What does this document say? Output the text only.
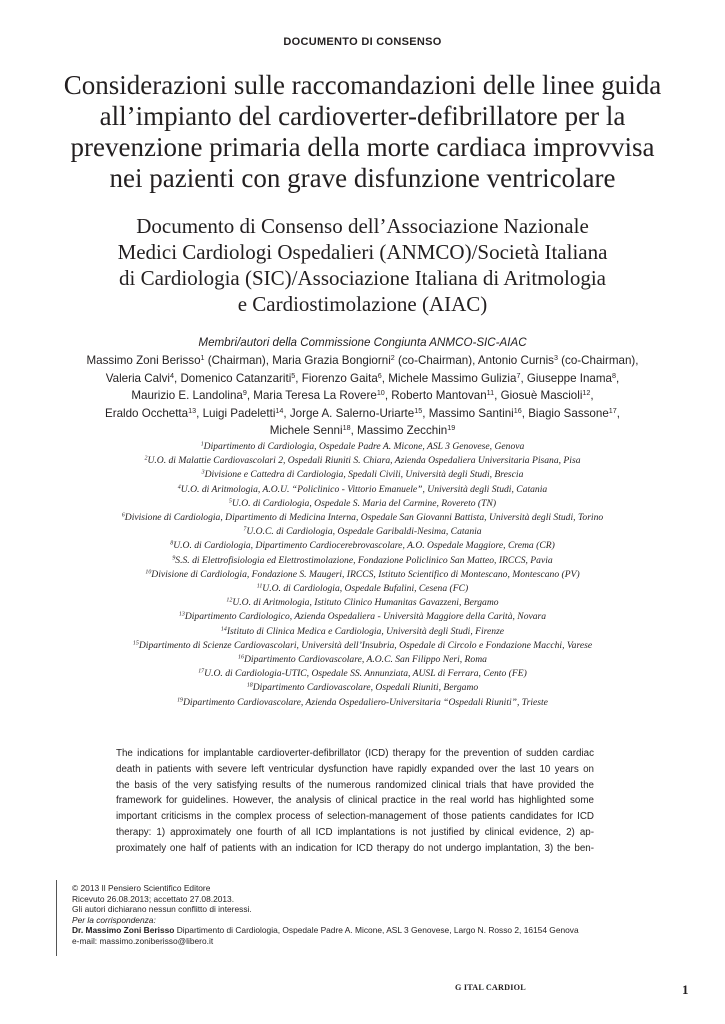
DOCUMENTO DI CONSENSO
Considerazioni sulle raccomandazioni delle linee guida
all’impianto del cardioverter-defibrillatore per la
prevenzione primaria della morte cardiaca improvvisa
nei pazienti con grave disfunzione ventricolare
Documento di Consenso dell’Associazione Nazionale
Medici Cardiologi Ospedalieri (ANMCO)/Società Italiana
di Cardiologia (SIC)/Associazione Italiana di Aritmologia
e Cardiostimolazione (AIAC)
Membri/autori della Commissione Congiunta ANMCO-SIC-AIAC
Massimo Zoni Berisso$^1$ (Chairman), Maria Grazia Bongiorni$^2$ (co-Chairman), Antonio Curnis$^3$ (co-Chairman),
Valeria Calvi$^4$, Domenico Catanzariti$^5$, Fiorenzo Gaita$^6$, Michele Massimo Gulizia$^7$, Giuseppe Inama$^8$,
Maurizio E. Landolina$^9$, Maria Teresa La Rovere$^{10}$, Roberto Mantovan$^{11}$, Giosuè Mascioli$^{12}$,
Eraldo Occhetta$^{13}$, Luigi Padeletti$^{14}$, Jorge A. Salerno-Uriarte$^{15}$, Massimo Santini$^{16}$, Biagio Sassone$^{17}$,
Michele Senni$^{18}$, Massimo Zecchin$^{19}$
$^1$Dipartimento di Cardiologia, Ospedale Padre A. Micone, ASL 3 Genovese, Genova
$^2$U.O. di Malattie Cardiovascolari 2, Ospedali Riuniti S. Chiara, Azienda Ospedaliera Universitaria Pisana, Pisa
$^3$Divisione e Cattedra di Cardiologia, Spedali Civili, Università degli Studi, Brescia
$^4$U.O. di Aritmologia, A.O.U. “Policlinico - Vittorio Emanuele”, Università degli Studi, Catania
$^5$U.O. di Cardiologia, Ospedale S. Maria del Carmine, Rovereto (TN)
$^6$Divisione di Cardiologia, Dipartimento di Medicina Interna, Ospedale San Giovanni Battista, Università degli Studi, Torino
$^7$U.O.C. di Cardiologia, Ospedale Garibaldi-Nesima, Catania
$^8$U.O. di Cardiologia, Dipartimento Cardiocerebrovascolare, A.O. Ospedale Maggiore, Crema (CR)
$^9$S.S. di Elettrofisiologia ed Elettrostimolazione, Fondazione Policlinico San Matteo, IRCCS, Pavia
$^{10}$Divisione di Cardiologia, Fondazione S. Maugeri, IRCCS, Istituto Scientifico di Montescano, Montescano (PV)
$^{11}$U.O. di Cardiologia, Ospedale Bufalini, Cesena (FC)
$^{12}$U.O. di Aritmologia, Istituto Clinico Humanitas Gavazzeni, Bergamo
$^{13}$Dipartimento Cardiologico, Azienda Ospedaliera - Università Maggiore della Carità, Novara
$^{14}$Istituto di Clinica Medica e Cardiologia, Università degli Studi, Firenze
$^{15}$Dipartimento di Scienze Cardiovascolari, Università dell’Insubria, Ospedale di Circolo e Fondazione Macchi, Varese
$^{16}$Dipartimento Cardiovascolare, A.O.C. San Filippo Neri, Roma
$^{17}$U.O. di Cardiologia-UTIC, Ospedale SS. Annunziata, AUSL di Ferrara, Cento (FE)
$^{18}$Dipartimento Cardiovascolare, Ospedali Riuniti, Bergamo
$^{19}$Dipartimento Cardiovascolare, Azienda Ospedaliero-Universitaria “Ospedali Riuniti”, Trieste
The indications for implantable cardioverter-defibrillator (ICD) therapy for the prevention of sudden cardiac
death in patients with severe left ventricular dysfunction have rapidly expanded over the last 10 years on
the basis of the very satisfying results of the numerous randomized clinical trials that have provided the
framework for guidelines. However, the analysis of clinical practice in the real world has highlighted some
important criticisms in the complex process of selection-management of those patients candidates for ICD
therapy: 1) approximately one fourth of all ICD implantations is not justified by clinical evidence, 2) ap-
proximately one half of patients with an indication for ICD therapy do not undergo implantation, 3) the ben-
© 2013 Il Pensiero Scientifico Editore
Ricevuto 26.08.2013; accettato 27.08.2013.
Gli autori dichiarano nessun conflitto di interessi.
Per la corrispondenza:
Dr. Massimo Zoni Berisso Dipartimento di Cardiologia, Ospedale Padre A. Micone, ASL 3 Genovese, Largo N. Rosso 2, 16154 Genova
e-mail: massimo.zoniberisso@libero.it
G ITAL CARDIOL	1
